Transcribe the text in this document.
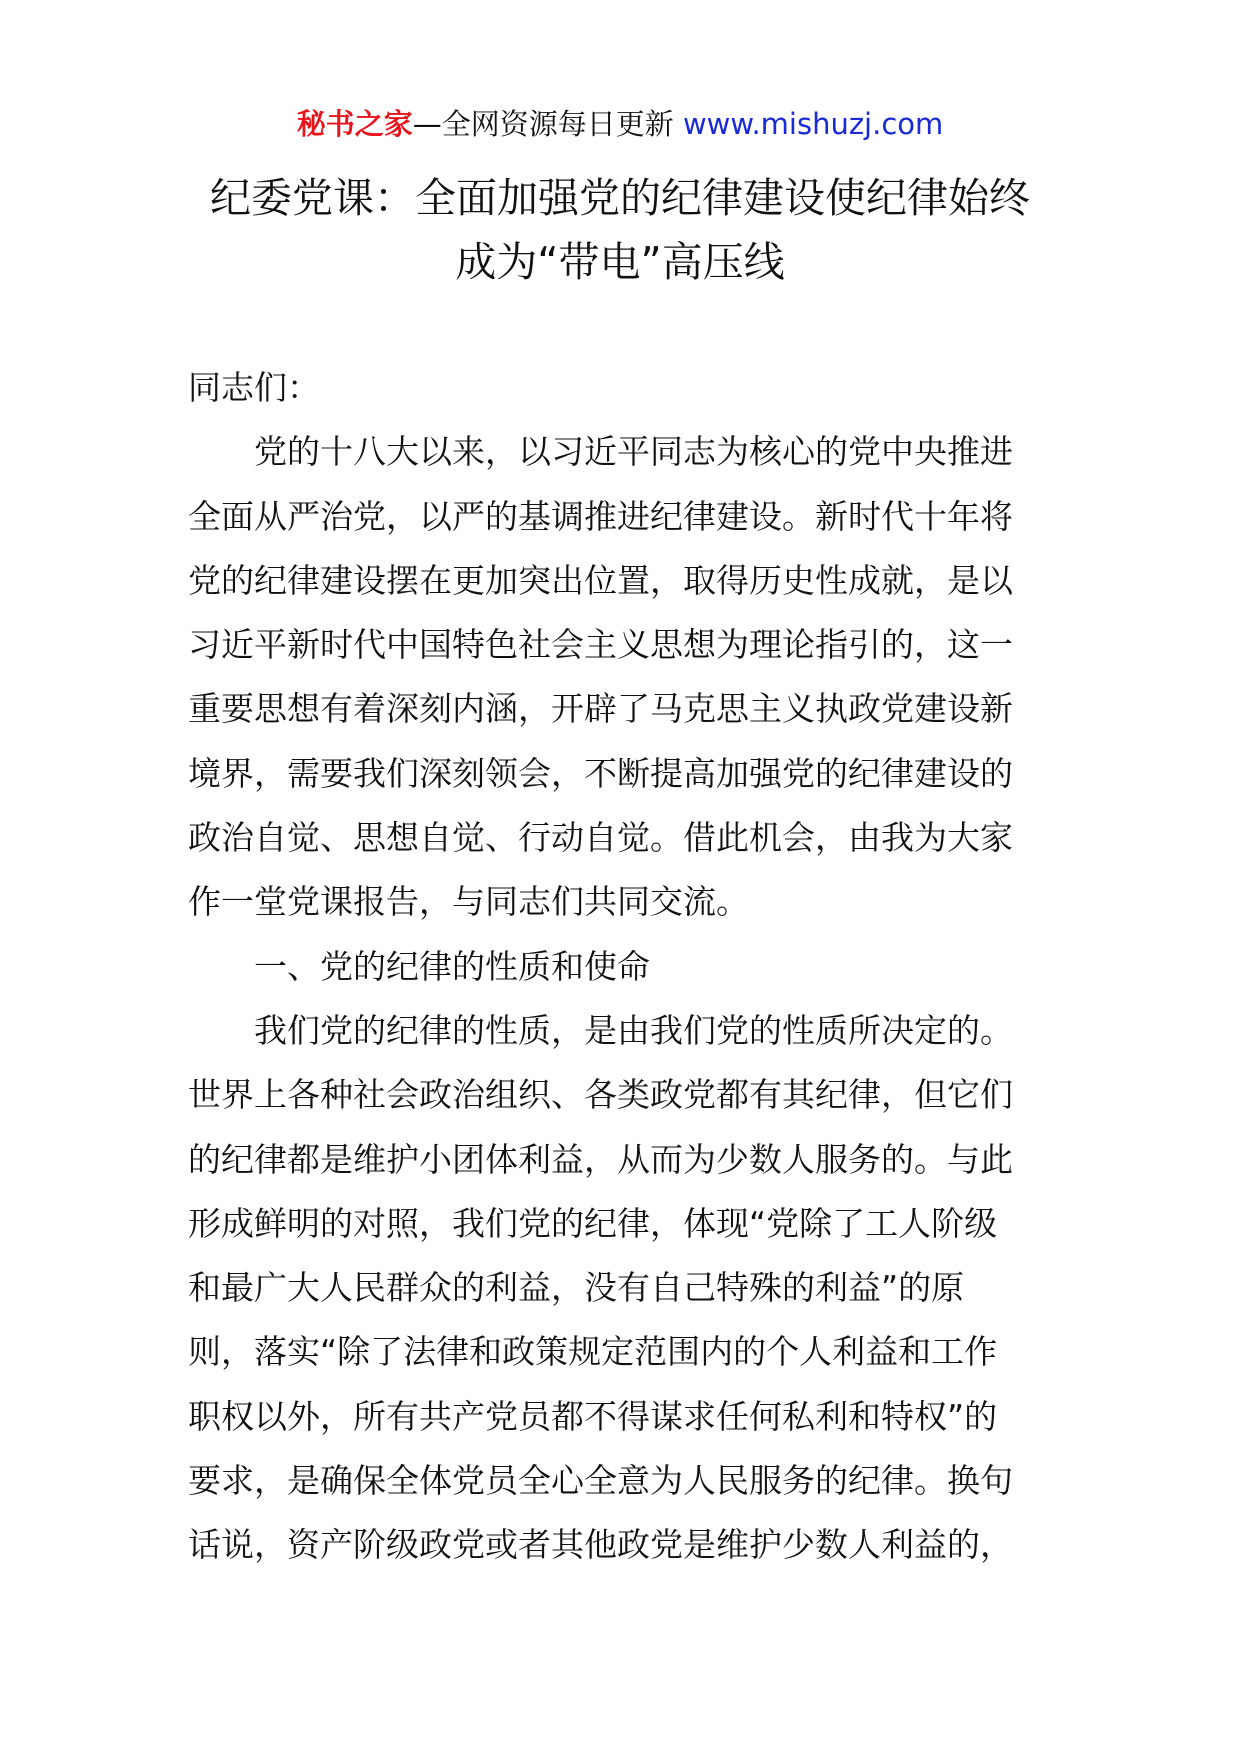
秘书之家—全网资源每日更新 www.mishuzj.com
纪委党课：全面加强党的纪律建设使纪律始终
成为“带电”高压线
同志们：
党的十八大以来，以习近平同志为核心的党中央推进
全面从严治党，以严的基调推进纪律建设。新时代十年将
党的纪律建设摆在更加突出位置，取得历史性成就，是以
习近平新时代中国特色社会主义思想为理论指引的，这一
重要思想有着深刻内涵，开辟了马克思主义执政党建设新
境界，需要我们深刻领会，不断提高加强党的纪律建设的
政治自觉、思想自觉、行动自觉。借此机会，由我为大家
作一堂党课报告，与同志们共同交流。
一、党的纪律的性质和使命
我们党的纪律的性质，是由我们党的性质所决定的。
世界上各种社会政治组织、各类政党都有其纪律，但它们
的纪律都是维护小团体利益，从而为少数人服务的。与此
形成鲜明的对照，我们党的纪律，体现“党除了工人阶级
和最广大人民群众的利益，没有自己特殊的利益”的原
则，落实“除了法律和政策规定范围内的个人利益和工作
职权以外，所有共产党员都不得谋求任何私利和特权”的
要求，是确保全体党员全心全意为人民服务的纪律。换句
话说，资产阶级政党或者其他政党是维护少数人利益的，
